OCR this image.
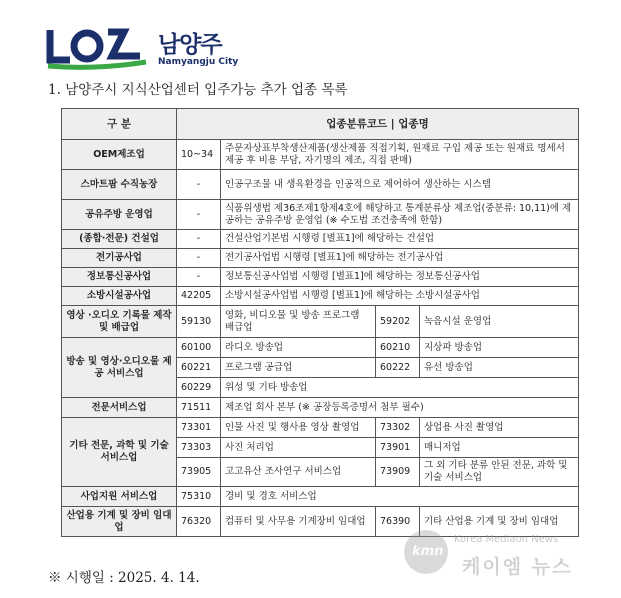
남양주
Namyangju City
1. 남양주시 지식산업센터 입주가능 추가 업종 목록
구 분	업종분류코드 | 업종명			
OEM제조업	10~34	주문자상표부착생산제품(생산제품 직접기획, 원재료 구입 제공 또는 원재료 명세서 제공 후 비용 부담, 자기명의 제조, 직접 판매)		
스마트팜 수직농장	-	인공구조물 내 생육환경을 인공적으로 제어하여 생산하는 시스템		
공유주방 운영업	-	식품위생법 제36조제1항제4호에 해당하고 통계분류상 제조업(중분류: 10,11)에 제공하는 공유주방 운영업 (※ 수도법 조건충족에 한함)		
(종합·전문) 건설업	-	건설산업기본법 시행령 [별표1]에 해당하는 건설업		
전기공사업	-	전기공사업법 시행령 [별표1]에 해당하는 전기공사업		
정보통신공사업	-	정보통신공사업법 시행령 [별표1]에 해당하는 정보통신공사업		
소방시설공사업	42205	소방시설공사업법 시행령 [별표1]에 해당하는 소방시설공사업		
영상 ·오디오 기록물 제작 및 배급업	59130	영화, 비디오물 및 방송 프로그램 배급업	59202	녹음시설 운영업
방송 및 영상·오디오물 제공 서비스업	60100	라디오 방송업	60210	지상파 방송업
	60221	프로그램 공급업	60222	유선 방송업
	60229	위성 및 기타 방송업		
전문서비스업	71511	제조업 회사 본부 (※ 공장등록증명서 첨부 필수)		
기타 전문, 과학 및 기술 서비스업	73301	인물 사진 및 행사용 영상 촬영업	73302	상업용 사진 촬영업
	73303	사진 처리업	73901	매니저업
	73905	고고유산 조사연구 서비스업	73909	그 외 기타 분류 안된 전문, 과학 및 기술 서비스업
사업지원 서비스업	75310	경비 및 경호 서비스업		
산업용 기계 및 장비 임대업	76320	컴퓨터 및 사무용 기계장비 임대업	76390	기타 산업용 기계 및 장비 임대업
※ 시행일 : 2025. 4. 14.
kmn
Korea Mediaon News
케이엠 뉴스
